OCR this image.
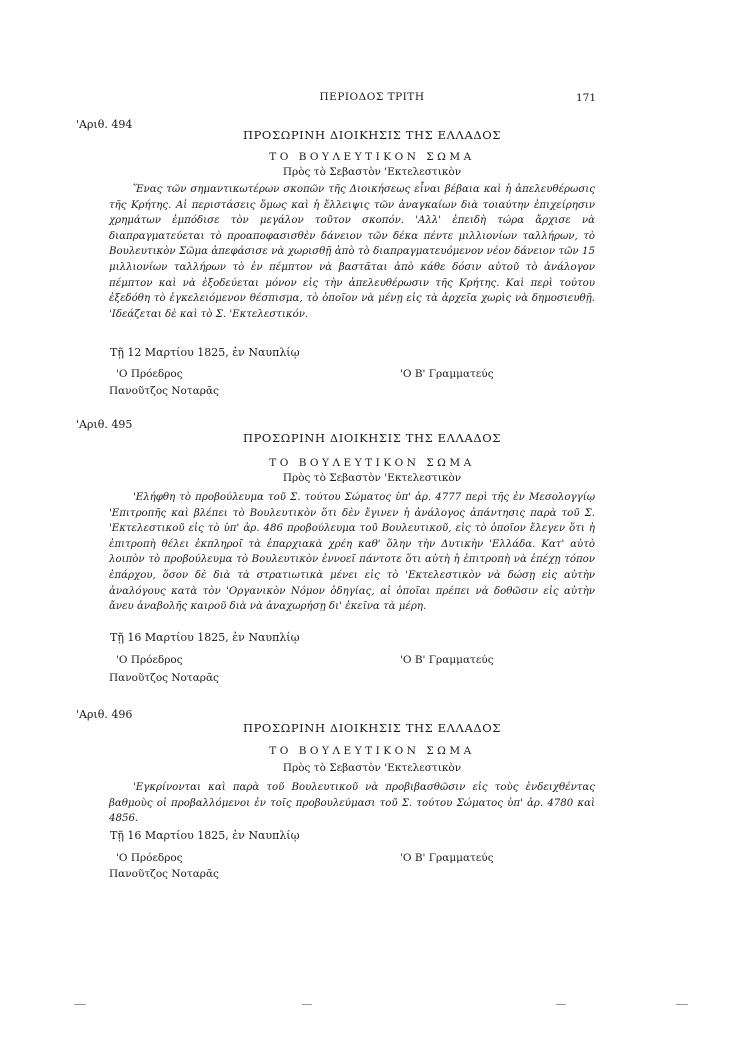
ΠΕΡΙΟΔΟΣ ΤΡΙΤΗ	171
'Αριθ. 494
ΠΡΟΣΩΡΙΝΗ ΔΙΟΙΚΗΣΙΣ ΤΗΣ ΕΛΛΑΔΟΣ
ΤΟ ΒΟΥΛΕΥΤΙΚΟΝ ΣΩΜΑ
Πρὸς τὸ Σεβαστὸν 'Εκτελεστικὸν

Ἕνας τῶν σημαντικωτέρων σκοπῶν τῆς Διοικήσεως εἶναι βέβαια καὶ ἡ ἀπελευθέρωσις τῆς Κρήτης. Αἱ περιστάσεις ὅμως καὶ ἡ ἔλλειψις τῶν ἀναγκαίων διὰ τοιαύτην ἐπιχείρησιν χρημάτων ἐμπόδισε τὸν μεγάλον τοῦτον σκοπόν. 'Αλλ' ἐπειδὴ τώρα ἄρχισε νὰ διαπραγματεύεται τὸ προαποφασισθὲν δάνειον τῶν δέκα πέντε μιλλιονίων ταλλήρων, τὸ Βουλευτικὸν Σῶμα ἀπεφάσισε νὰ χωρισθῇ ἀπὸ τὸ διαπραγματευόμενον νέον δάνειον τῶν 15 μιλλιονίων ταλλήρων τὸ ἐν πέμπτον νὰ βαστᾶται ἀπὸ κάθε δόσιν αὐτοῦ τὸ ἀνάλογον πέμπτον καὶ νὰ ἐξοδεύεται μόνον εἰς τὴν ἀπελευθέρωσιν τῆς Κρήτης. Καὶ περὶ τούτου ἐξεδόθη τὸ ἐγκελειόμενον θέσπισμα, τὸ ὁποῖον νὰ μένῃ εἰς τὰ ἀρχεῖα χωρὶς νὰ δημοσιευθῇ. 'Ιδεάζεται δὲ καὶ τὸ Σ. 'Εκτελεστικόν.

Τῇ 12 Μαρτίου 1825, ἐν Ναυπλίῳ
'Ο Πρόεδρος	'Ο Β' Γραμματεύς
Πανοῦτζος Νοταρᾶς
'Αριθ. 495
ΠΡΟΣΩΡΙΝΗ ΔΙΟΙΚΗΣΙΣ ΤΗΣ ΕΛΛΑΔΟΣ
ΤΟ ΒΟΥΛΕΥΤΙΚΟΝ ΣΩΜΑ
Πρὸς τὸ Σεβαστὸν 'Εκτελεστικὸν

'Ελήφθη τὸ προβούλευμα τοῦ Σ. τούτου Σώματος ὑπ' ἀρ. 4777 περὶ τῆς ἐν Μεσολογγίῳ 'Επιτροπῆς καὶ βλέπει τὸ Βουλευτικὸν ὅτι δὲν ἔγινεν ἡ ἀνάλογος ἀπάντησις παρὰ τοῦ Σ. 'Εκτελεστικοῦ εἰς τὸ ὑπ' ἀρ. 486 προβούλευμα τοῦ Βουλευτικοῦ, εἰς τὸ ὁποῖον ἔλεγεν ὅτι ἡ ἐπιτροπὴ θέλει ἐκπληροῖ τὰ ἐπαρχιακὰ χρέη καθ' ὅλην τὴν Δυτικὴν 'Ελλάδα. Κατ' αὐτὸ λοιπὸν τὸ προβούλευμα τὸ Βουλευτικὸν ἐννοεῖ πάντοτε ὅτι αὐτὴ ἡ ἐπιτροπὴ νὰ ἐπέχῃ τόπον ἐπάρχου, ὅσον δὲ διὰ τὰ στρατιωτικὰ μένει εἰς τὸ 'Εκτελεστικὸν νὰ δώσῃ εἰς αὐτὴν ἀναλόγους κατὰ τὸν 'Οργανικὸν Νόμον ὁδηγίας, αἱ ὁποῖαι πρέπει νὰ δοθῶσιν εἰς αὐτὴν ἄνευ ἀναβολῆς καιροῦ διὰ νὰ ἀναχωρήσῃ δι' ἐκεῖνα τὰ μέρη.

Τῇ 16 Μαρτίου 1825, ἐν Ναυπλίῳ
'Ο Πρόεδρος	'Ο Β' Γραμματεύς
Πανοῦτζος Νοταρᾶς
'Αριθ. 496
ΠΡΟΣΩΡΙΝΗ ΔΙΟΙΚΗΣΙΣ ΤΗΣ ΕΛΛΑΔΟΣ
ΤΟ ΒΟΥΛΕΥΤΙΚΟΝ ΣΩΜΑ
Πρὸς τὸ Σεβαστὸν 'Εκτελεστικὸν

'Εγκρίνονται καὶ παρὰ τοῦ Βουλευτικοῦ νὰ προβιβασθῶσιν εἰς τοὺς ἐνδειχθέντας βαθμοὺς οἱ προβαλλόμενοι ἐν τοῖς προβουλεύμασι τοῦ Σ. τούτου Σώματος ὑπ' ἀρ. 4780 καὶ 4856.

Τῇ 16 Μαρτίου 1825, ἐν Ναυπλίῳ
'Ο Πρόεδρος	'Ο Β' Γραμματεύς
Πανοῦτζος Νοταρᾶς
